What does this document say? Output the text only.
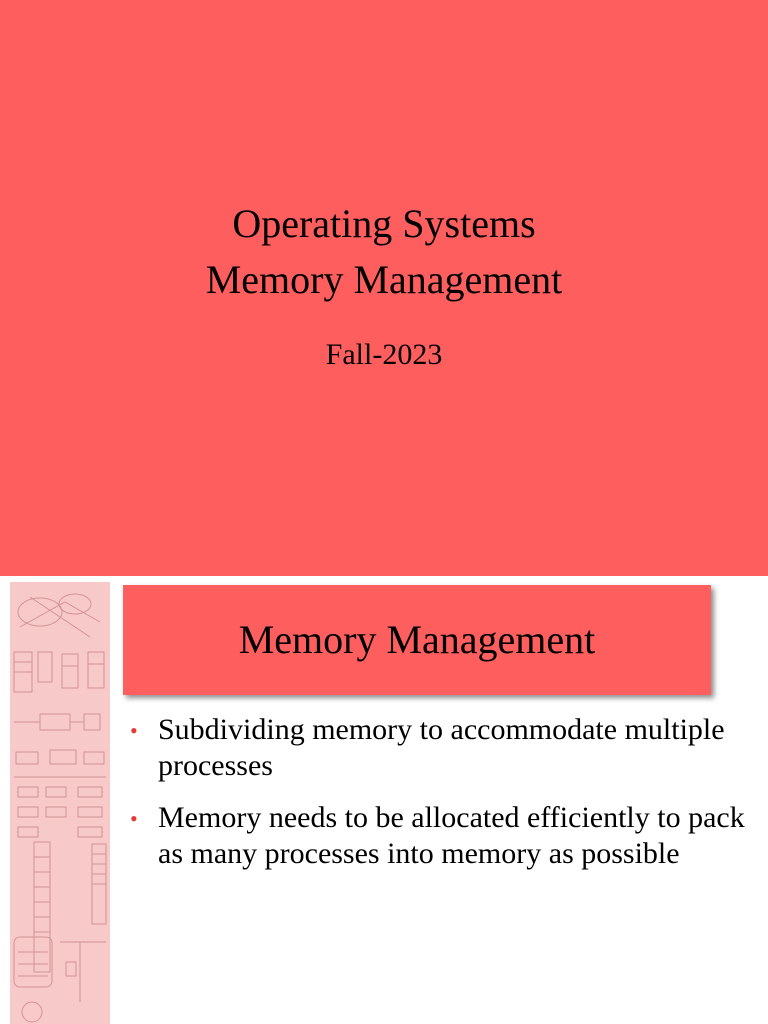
Operating Systems
Memory Management
Fall-2023
Memory Management
• Subdividing memory to accommodate multiple processes
• Memory needs to be allocated efficiently to pack as many processes into memory as possible
